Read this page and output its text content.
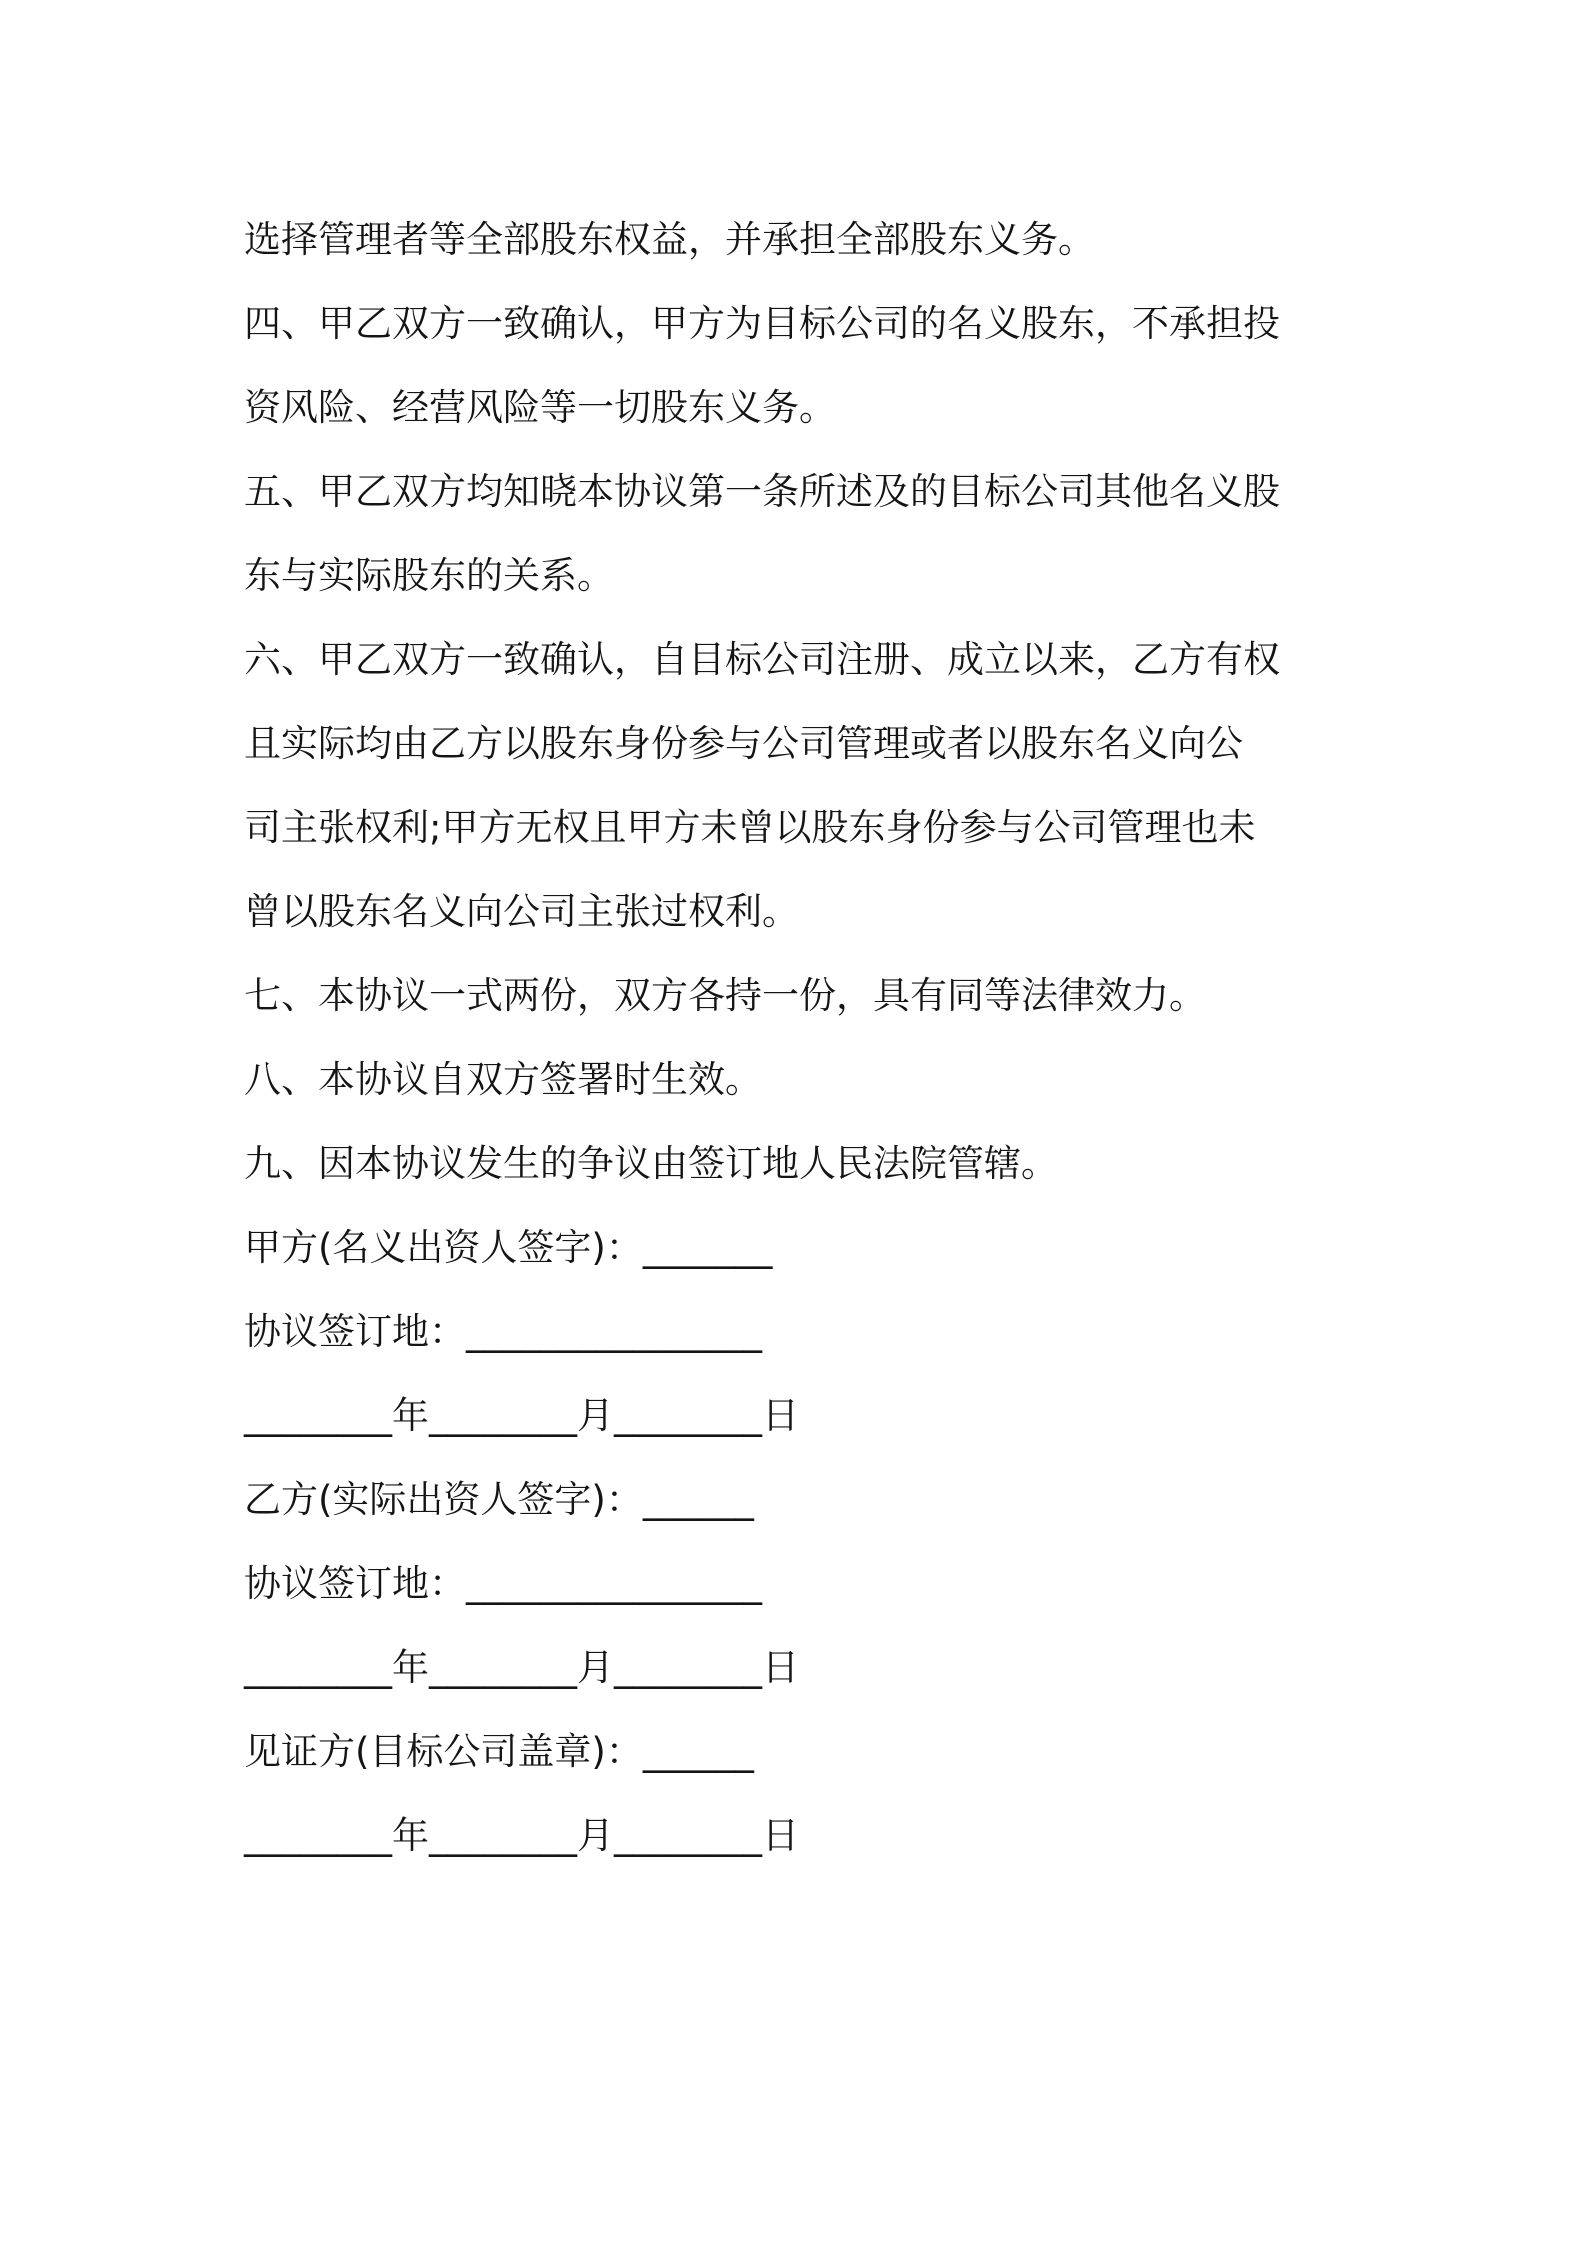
选择管理者等全部股东权益，并承担全部股东义务。
四、甲乙双方一致确认，甲方为目标公司的名义股东，不承担投
资风险、经营风险等一切股东义务。
五、甲乙双方均知晓本协议第一条所述及的目标公司其他名义股
东与实际股东的关系。
六、甲乙双方一致确认，自目标公司注册、成立以来，乙方有权
且实际均由乙方以股东身份参与公司管理或者以股东名义向公
司主张权利;甲方无权且甲方未曾以股东身份参与公司管理也未
曾以股东名义向公司主张过权利。
七、本协议一式两份，双方各持一份，具有同等法律效力。
八、本协议自双方签署时生效。
九、因本协议发生的争议由签订地人民法院管辖。
甲方(名义出资人签字)：_______
协议签订地：________________
________年________月________日
乙方(实际出资人签字)：______
协议签订地：________________
________年________月________日
见证方(目标公司盖章)：______
________年________月________日
